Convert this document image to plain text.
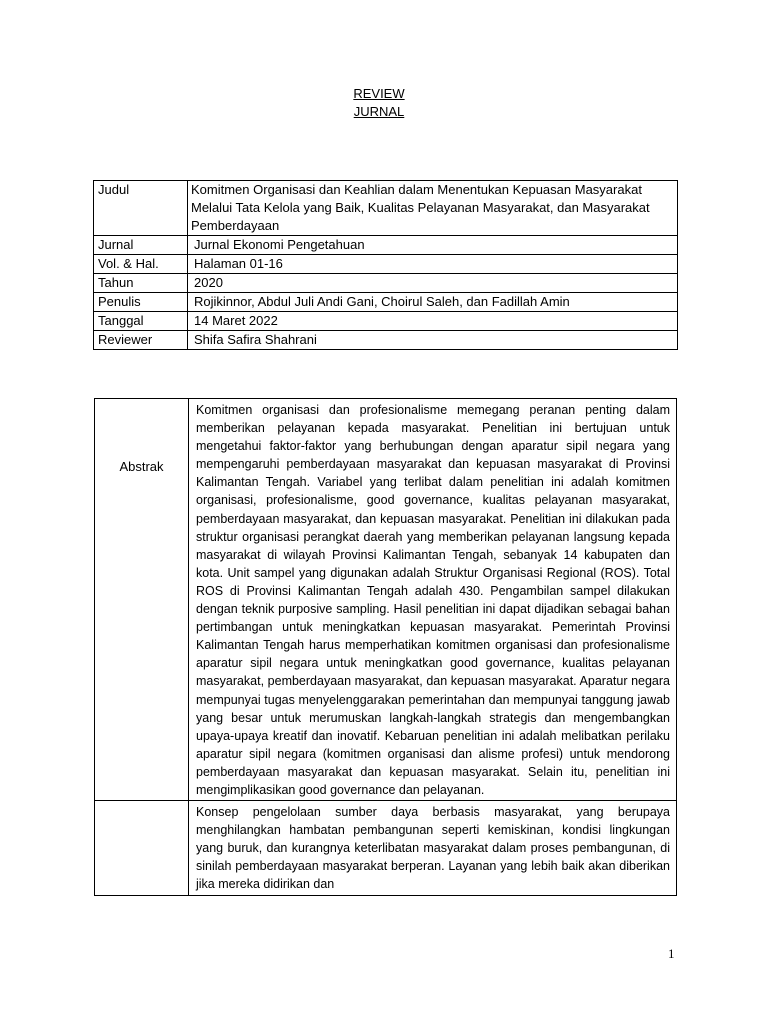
REVIEW
JURNAL
Judul	Komitmen Organisasi dan Keahlian dalam Menentukan Kepuasan Masyarakat Melalui Tata Kelola yang Baik, Kualitas Pelayanan Masyarakat, dan Masyarakat Pemberdayaan
Jurnal	Jurnal Ekonomi Pengetahuan
Vol. & Hal.	Halaman 01-16
Tahun	2020
Penulis	Rojikinnor, Abdul Juli Andi Gani, Choirul Saleh, dan Fadillah Amin
Tanggal	14 Maret 2022
Reviewer	Shifa Safira Shahrani
Abstrak	Komitmen organisasi dan profesionalisme memegang peranan penting dalam memberikan pelayanan kepada masyarakat. Penelitian ini bertujuan untuk mengetahui faktor-faktor yang berhubungan dengan aparatur sipil negara yang mempengaruhi pemberdayaan masyarakat dan kepuasan masyarakat di Provinsi Kalimantan Tengah. Variabel yang terlibat dalam penelitian ini adalah komitmen organisasi, profesionalisme, good governance, kualitas pelayanan masyarakat, pemberdayaan masyarakat, dan kepuasan masyarakat. Penelitian ini dilakukan pada struktur organisasi perangkat daerah yang memberikan pelayanan langsung kepada masyarakat di wilayah Provinsi Kalimantan Tengah, sebanyak 14 kabupaten dan kota. Unit sampel yang digunakan adalah Struktur Organisasi Regional (ROS). Total ROS di Provinsi Kalimantan Tengah adalah 430. Pengambilan sampel dilakukan dengan teknik purposive sampling. Hasil penelitian ini dapat dijadikan sebagai bahan pertimbangan untuk meningkatkan kepuasan masyarakat. Pemerintah Provinsi Kalimantan Tengah harus memperhatikan komitmen organisasi dan profesionalisme aparatur sipil negara untuk meningkatkan good governance, kualitas pelayanan masyarakat, pemberdayaan masyarakat, dan kepuasan masyarakat. Aparatur negara mempunyai tugas menyelenggarakan pemerintahan dan mempunyai tanggung jawab yang besar untuk merumuskan langkah-langkah strategis dan mengembangkan upaya-upaya kreatif dan inovatif. Kebaruan penelitian ini adalah melibatkan perilaku aparatur sipil negara (komitmen organisasi dan alisme profesi) untuk mendorong pemberdayaan masyarakat dan kepuasan masyarakat. Selain itu, penelitian ini mengimplikasikan good governance dan pelayanan.
	Konsep pengelolaan sumber daya berbasis masyarakat, yang berupaya menghilangkan hambatan pembangunan seperti kemiskinan, kondisi lingkungan yang buruk, dan kurangnya keterlibatan masyarakat dalam proses pembangunan, di sinilah pemberdayaan masyarakat berperan. Layanan yang lebih baik akan diberikan jika mereka didirikan dan
1
